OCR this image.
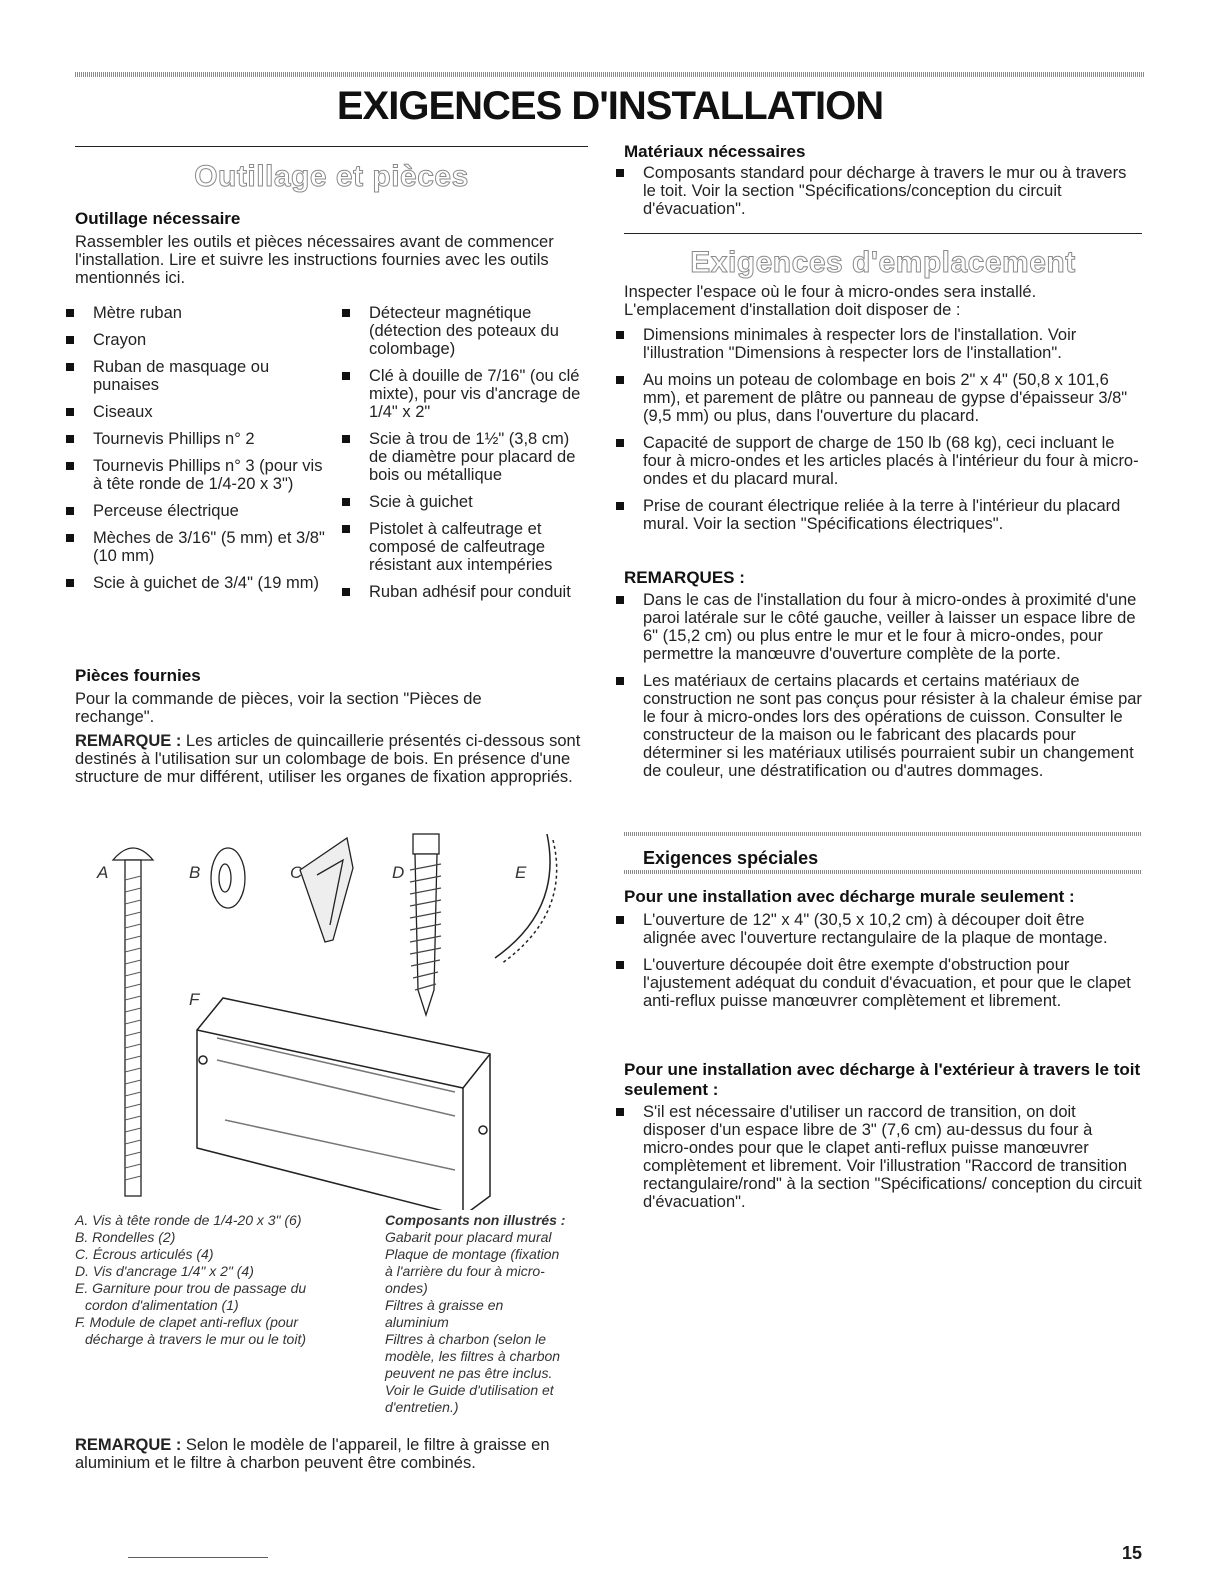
EXIGENCES D'INSTALLATION
Outillage et pièces
Outillage nécessaire
Rassembler les outils et pièces nécessaires avant de commencer l'installation. Lire et suivre les instructions fournies avec les outils mentionnés ici.
Mètre ruban
Crayon
Ruban de masquage ou punaises
Ciseaux
Tournevis Phillips n° 2
Tournevis Phillips n° 3 (pour vis à tête ronde de 1/4-20 x 3")
Perceuse électrique
Mèches de 3/16" (5 mm) et 3/8" (10 mm)
Scie à guichet de 3/4" (19 mm)
Détecteur magnétique (détection des poteaux du colombage)
Clé à douille de 7/16" (ou clé mixte), pour vis d'ancrage de 1/4" x 2"
Scie à trou de 1½" (3,8 cm) de diamètre pour placard de bois ou métallique
Scie à guichet
Pistolet à calfeutrage et composé de calfeutrage résistant aux intempéries
Ruban adhésif pour conduit
Pièces fournies
Pour la commande de pièces, voir la section "Pièces de rechange".
REMARQUE : Les articles de quincaillerie présentés ci-dessous sont destinés à l'utilisation sur un colombage de bois. En présence d'une structure de mur différent, utiliser les organes de fixation appropriés.
A	B	C	D	E
F
A. Vis à tête ronde de 1/4-20 x 3" (6)
B. Rondelles (2)
C. Écrous articulés (4)
D. Vis d'ancrage 1/4" x 2" (4)
E. Garniture pour trou de passage du
cordon d'alimentation (1)
F. Module de clapet anti-reflux (pour
décharge à travers le mur ou le toit)
Composants non illustrés :
Gabarit pour placard mural
Plaque de montage (fixation
à l'arrière du four à micro-
ondes)
Filtres à graisse en
aluminium
Filtres à charbon (selon le
modèle, les filtres à charbon
peuvent ne pas être inclus.
Voir le Guide d'utilisation et
d'entretien.)
REMARQUE : Selon le modèle de l'appareil, le filtre à graisse en aluminium et le filtre à charbon peuvent être combinés.
Matériaux nécessaires
Composants standard pour décharge à travers le mur ou à travers le toit. Voir la section "Spécifications/conception du circuit d'évacuation".
Exigences d'emplacement
Inspecter l'espace où le four à micro-ondes sera installé. L'emplacement d'installation doit disposer de :
Dimensions minimales à respecter lors de l'installation. Voir l'illustration "Dimensions à respecter lors de l'installation".
Au moins un poteau de colombage en bois 2" x 4" (50,8 x 101,6 mm), et parement de plâtre ou panneau de gypse d'épaisseur 3/8" (9,5 mm) ou plus, dans l'ouverture du placard.
Capacité de support de charge de 150 lb (68 kg), ceci incluant le four à micro-ondes et les articles placés à l'intérieur du four à micro-ondes et du placard mural.
Prise de courant électrique reliée à la terre à l'intérieur du placard mural. Voir la section "Spécifications électriques".
REMARQUES :
Dans le cas de l'installation du four à micro-ondes à proximité d'une paroi latérale sur le côté gauche, veiller à laisser un espace libre de 6" (15,2 cm) ou plus entre le mur et le four à micro-ondes, pour permettre la manœuvre d'ouverture complète de la porte.
Les matériaux de certains placards et certains matériaux de construction ne sont pas conçus pour résister à la chaleur émise par le four à micro-ondes lors des opérations de cuisson. Consulter le constructeur de la maison ou le fabricant des placards pour déterminer si les matériaux utilisés pourraient subir un changement de couleur, une déstratification ou d'autres dommages.
Exigences spéciales
Pour une installation avec décharge murale seulement :
L'ouverture de 12" x 4" (30,5 x 10,2 cm) à découper doit être alignée avec l'ouverture rectangulaire de la plaque de montage.
L'ouverture découpée doit être exempte d'obstruction pour l'ajustement adéquat du conduit d'évacuation, et pour que le clapet anti-reflux puisse manœuvrer complètement et librement.
Pour une installation avec décharge à l'extérieur à travers le toit seulement :
S'il est nécessaire d'utiliser un raccord de transition, on doit disposer d'un espace libre de 3" (7,6 cm) au-dessus du four à micro-ondes pour que le clapet anti-reflux puisse manœuvrer complètement et librement. Voir l'illustration "Raccord de transition rectangulaire/rond" à la section "Spécifications/ conception du circuit d'évacuation".
15
